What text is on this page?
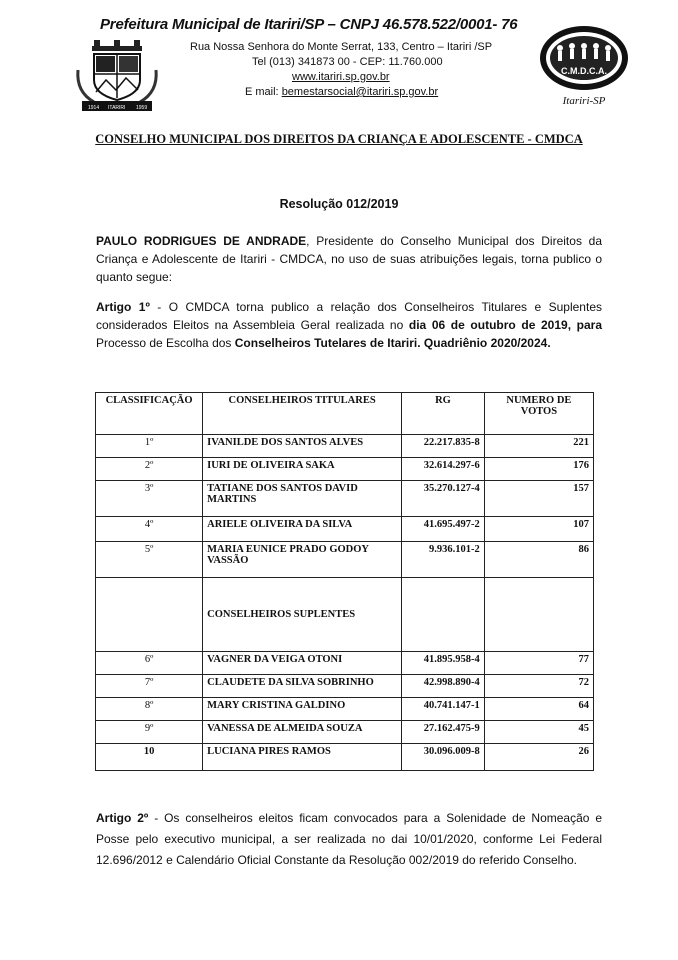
Prefeitura Municipal de Itariri/SP – CNPJ 46.578.522/0001- 76
Rua Nossa Senhora do Monte Serrat, 133, Centro – Itariri /SP
Tel (013) 341873 00 - CEP: 11.760.000
www.itariri.sp.gov.br
E mail: bemestarsocial@itariri.sp.gov.br
1914 ITARIRI 1959
C.M.D.C.A.
Itariri-SP
CONSELHO MUNICIPAL DOS DIREITOS DA CRIANÇA E ADOLESCENTE - CMDCA
Resolução 012/2019
PAULO RODRIGUES DE ANDRADE, Presidente do Conselho Municipal dos Direitos da Criança e Adolescente de Itariri - CMDCA, no uso de suas atribuições legais, torna publico o quanto segue:
Artigo 1º - O CMDCA torna publico a relação dos Conselheiros Titulares e Suplentes considerados Eleitos na Assembleia Geral realizada no dia 06 de outubro de 2019, para Processo de Escolha dos Conselheiros Tutelares de Itariri. Quadriênio 2020/2024.
CLASSIFICAÇÃO	CONSELHEIROS TITULARES	RG	NUMERO DE VOTOS
1º	IVANILDE DOS SANTOS ALVES	22.217.835-8	221
2º	IURI DE OLIVEIRA SAKA	32.614.297-6	176
3º	TATIANE DOS SANTOS DAVID MARTINS	35.270.127-4	157
4º	ARIELE OLIVEIRA DA SILVA	41.695.497-2	107
5º	MARIA EUNICE PRADO GODOY VASSÃO	9.936.101-2	86
	CONSELHEIROS SUPLENTES		
6º	VAGNER DA VEIGA OTONI	41.895.958-4	77
7º	CLAUDETE DA SILVA SOBRINHO	42.998.890-4	72
8º	MARY CRISTINA GALDINO	40.741.147-1	64
9º	VANESSA DE ALMEIDA SOUZA	27.162.475-9	45
10	LUCIANA PIRES RAMOS	30.096.009-8	26
Artigo 2º - Os conselheiros eleitos ficam convocados para a Solenidade de Nomeação e Posse pelo executivo municipal, a ser realizada no dai 10/01/2020, conforme Lei Federal 12.696/2012 e Calendário Oficial Constante da Resolução 002/2019 do referido Conselho.
